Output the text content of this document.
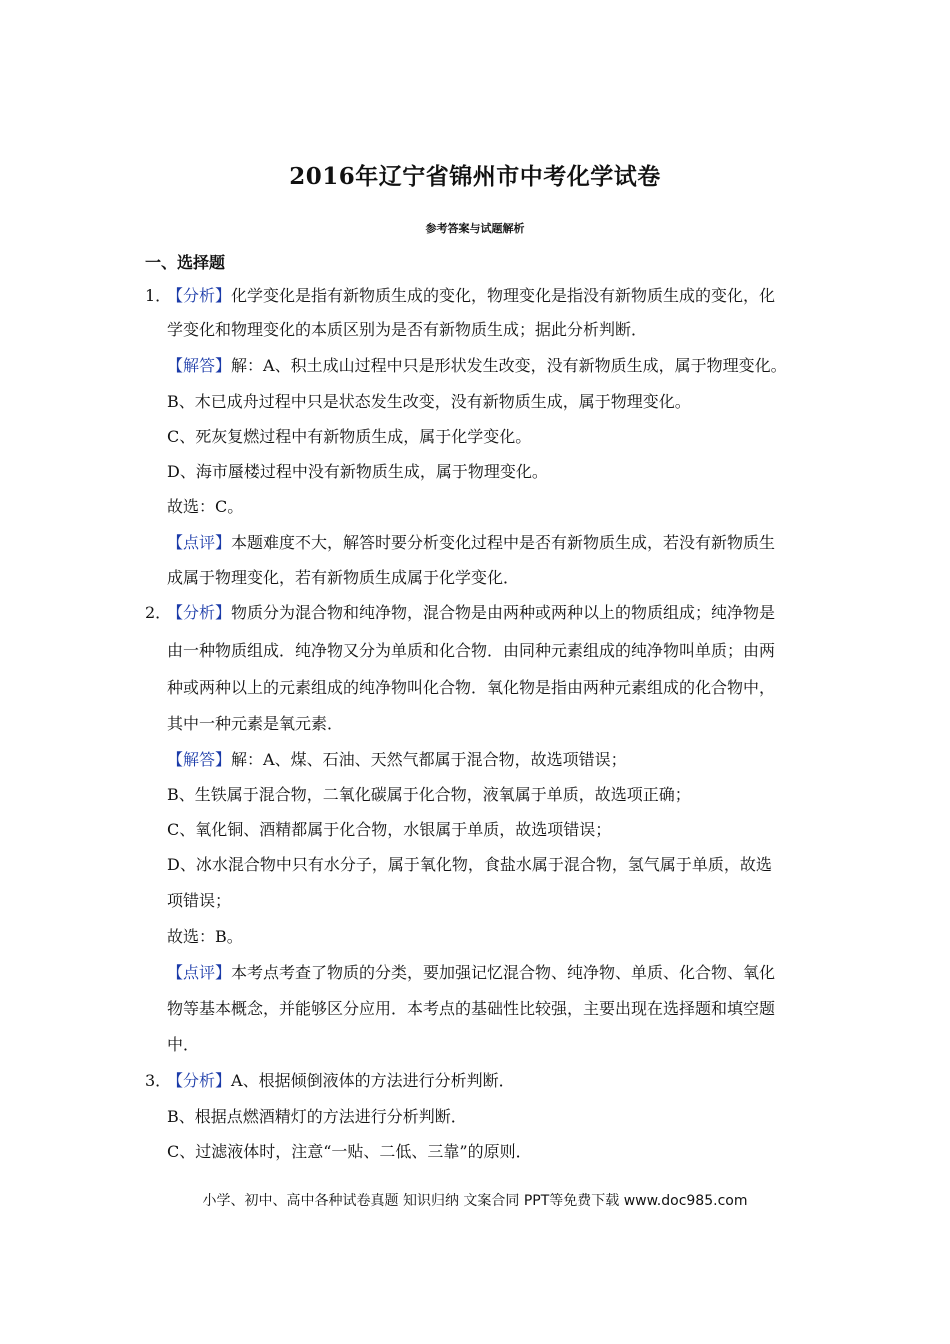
2016年辽宁省锦州市中考化学试卷
参考答案与试题解析
一、选择题
1．
【分析】化学变化是指有新物质生成的变化，物理变化是指没有新物质生成的变化，化
学变化和物理变化的本质区别为是否有新物质生成；据此分析判断．
【解答】解：A、积土成山过程中只是形状发生改变，没有新物质生成，属于物理变化。
B、木已成舟过程中只是状态发生改变，没有新物质生成，属于物理变化。
C、死灰复燃过程中有新物质生成，属于化学变化。
D、海市蜃楼过程中没有新物质生成，属于物理变化。
故选：C。
【点评】本题难度不大，解答时要分析变化过程中是否有新物质生成，若没有新物质生
成属于物理变化，若有新物质生成属于化学变化．
2．
【分析】物质分为混合物和纯净物，混合物是由两种或两种以上的物质组成；纯净物是
由一种物质组成．纯净物又分为单质和化合物．由同种元素组成的纯净物叫单质；由两
种或两种以上的元素组成的纯净物叫化合物．氧化物是指由两种元素组成的化合物中，
其中一种元素是氧元素．
【解答】解：A、煤、石油、天然气都属于混合物，故选项错误；
B、生铁属于混合物，二氧化碳属于化合物，液氧属于单质，故选项正确；
C、氧化铜、酒精都属于化合物，水银属于单质，故选项错误；
D、冰水混合物中只有水分子，属于氧化物，食盐水属于混合物，氢气属于单质，故选
项错误；
故选：B。
【点评】本考点考查了物质的分类，要加强记忆混合物、纯净物、单质、化合物、氧化
物等基本概念，并能够区分应用．本考点的基础性比较强，主要出现在选择题和填空题
中．
3．
【分析】A、根据倾倒液体的方法进行分析判断．
B、根据点燃酒精灯的方法进行分析判断．
C、过滤液体时，注意“一贴、二低、三靠”的原则．
小学、初中、高中各种试卷真题 知识归纳 文案合同 PPT等免费下载 www.doc985.com
